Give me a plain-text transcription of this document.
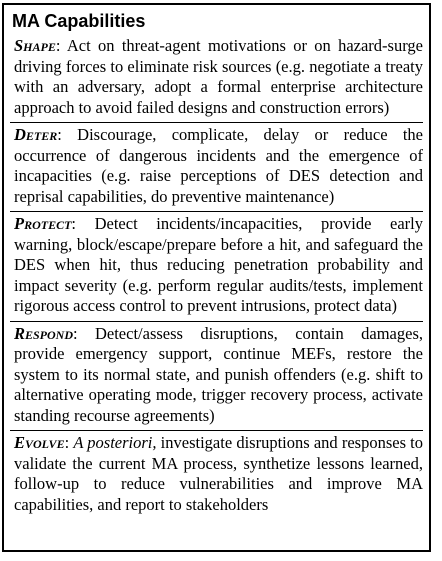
MA Capabilities
Shape: Act on threat-agent motivations or on hazard-surge driving forces to eliminate risk sources (e.g. negotiate a treaty with an adversary, adopt a formal enterprise architecture approach to avoid failed designs and construction errors)
Deter: Discourage, complicate, delay or reduce the occurrence of dangerous incidents and the emergence of incapacities (e.g. raise perceptions of DES detection and reprisal capabilities, do preventive maintenance)
Protect: Detect incidents/incapacities, provide early warning, block/escape/prepare before a hit, and safeguard the DES when hit, thus reducing penetration probability and impact severity (e.g. perform regular audits/tests, implement rigorous access control to prevent intrusions, protect data)
Respond: Detect/assess disruptions, contain damages, provide emergency support, continue MEFs, restore the system to its normal state, and punish offenders (e.g. shift to alternative operating mode, trigger recovery process, activate standing recourse agreements)
Evolve: A posteriori, investigate disruptions and responses to validate the current MA process, synthetize lessons learned, follow-up to reduce vulnerabilities and improve MA capabilities, and report to stakeholders
